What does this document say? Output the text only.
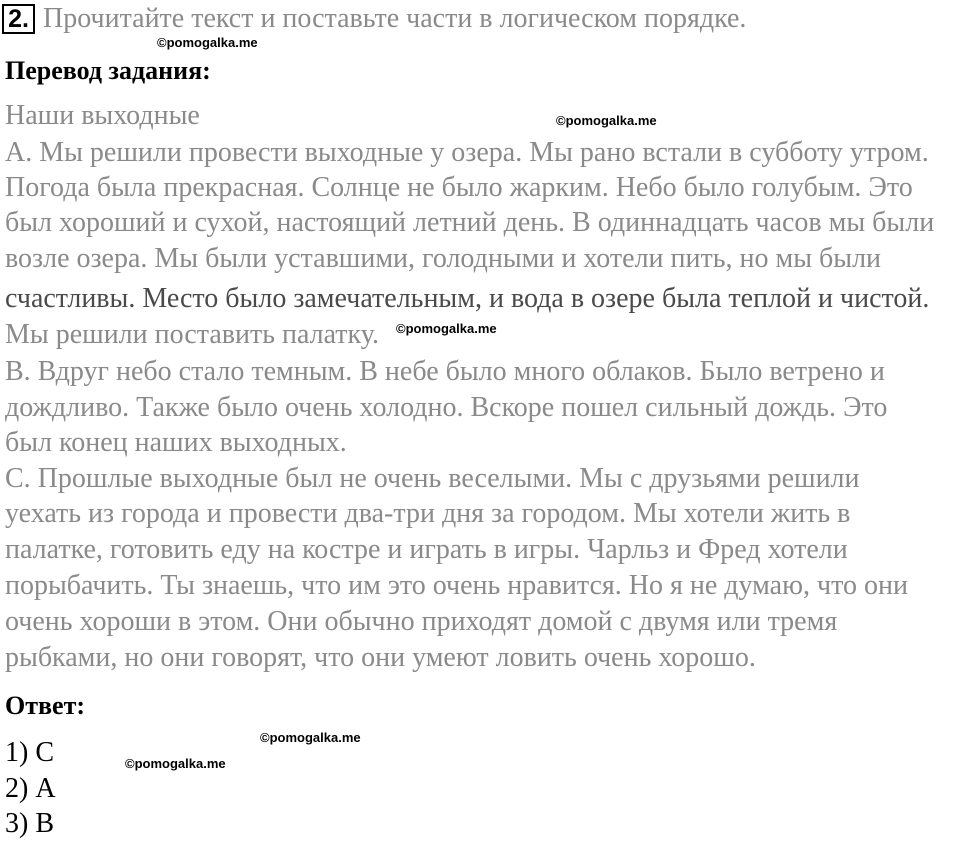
2. Прочитайте текст и поставьте части в логическом порядке.
Перевод задания:
Наши выходные
А. Мы решили провести выходные у озера. Мы рано встали в субботу утром.
Погода была прекрасная. Солнце не было жарким. Небо было голубым. Это
был хороший и сухой, настоящий летний день. В одиннадцать часов мы были
возле озера. Мы были уставшими, голодными и хотели пить, но мы были
счастливы. Место было замечательным, и вода в озере была теплой и чистой.
Мы решили поставить палатку.
В. Вдруг небо стало темным. В небе было много облаков. Было ветрено и
дождливо. Также было очень холодно. Вскоре пошел сильный дождь. Это
был конец наших выходных.
С. Прошлые выходные был не очень веселыми. Мы с друзьями решили
уехать из города и провести два-три дня за городом. Мы хотели жить в
палатке, готовить еду на костре и играть в игры. Чарльз и Фред хотели
порыбачить. Ты знаешь, что им это очень нравится. Но я не думаю, что они
очень хороши в этом. Они обычно приходят домой с двумя или тремя
рыбками, но они говорят, что они умеют ловить очень хорошо.
Ответ:
1) С
2) А
3) В
©pomogalka.me
©pomogalka.me
©pomogalka.me
©pomogalka.me
©pomogalka.me
